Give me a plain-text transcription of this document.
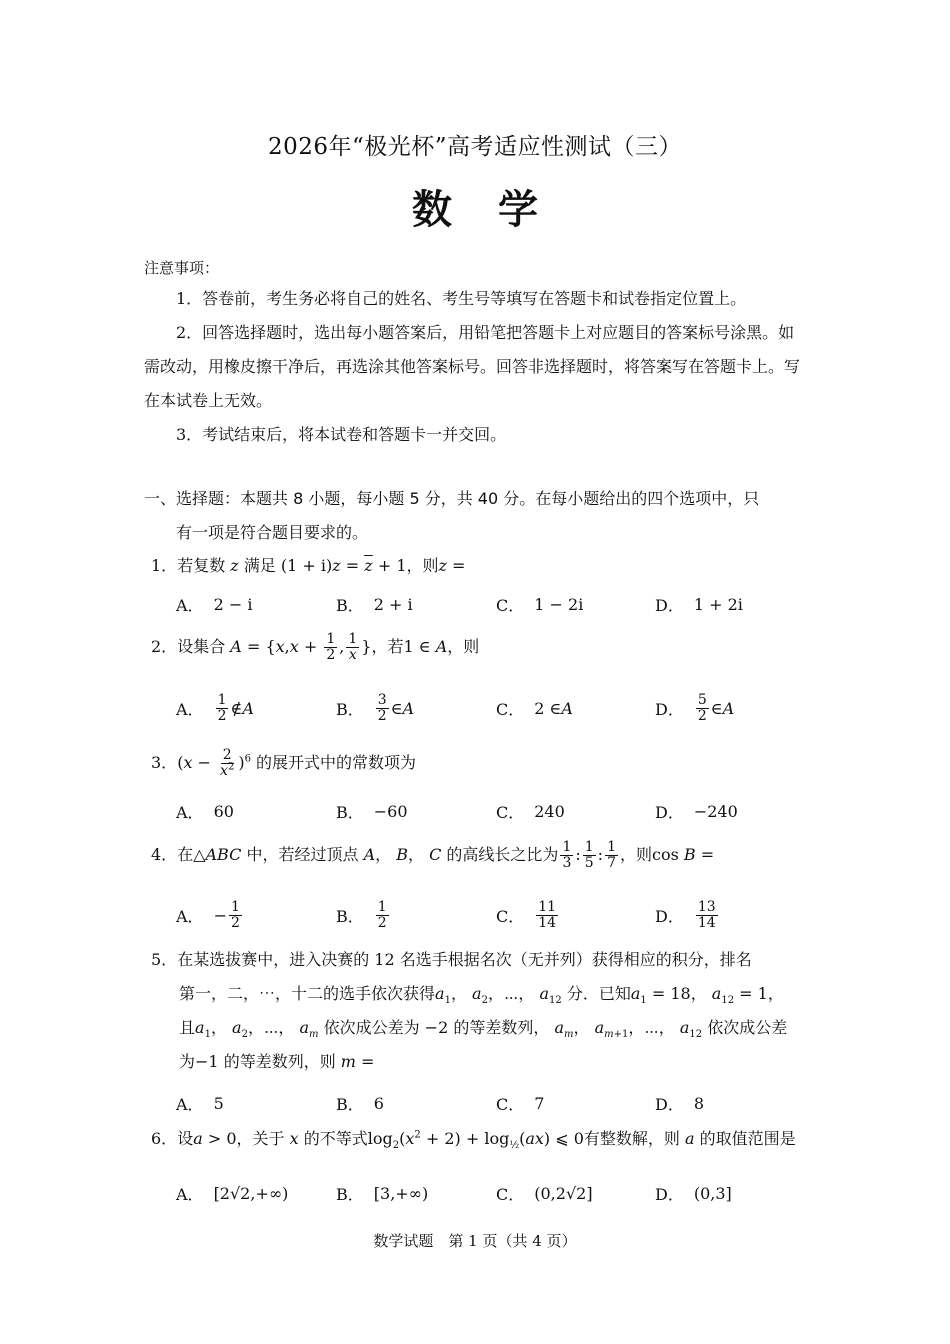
2026年“极光杯”高考适应性测试（三）
数学
注意事项：
1．答卷前，考生务必将自己的姓名、考生号等填写在答题卡和试卷指定位置上。
2．回答选择题时，选出每小题答案后，用铅笔把答题卡上对应题目的答案标号涂黑。如需改动，用橡皮擦干净后，再选涂其他答案标号。回答非选择题时，将答案写在答题卡上。写在本试卷上无效。
3．考试结束后，将本试卷和答题卡一并交回。
一、选择题：本题共 8 小题，每小题 5 分，共 40 分。在每小题给出的四个选项中，只
有一项是符合题目要求的。
1．若复数 z 满足 $(1 + i)z = \overline{z} + 1$，则z =
A． 2 − i	B． 2 + i	C． 1 − 2i	D． 1 + 2i
2．设集合 $A = \{x,x + \frac{1}{2}$ , $\frac{1}{x}$ }，若1 ∈ A，则
A． $\frac{1}{2}$ ∉ A	B． $\frac{3}{2}$ ∈ A	C． 2 ∈ A	D． $\frac{5}{2}$ ∈ A
3．$(x - \frac{2}{x^2} )^6$ 的展开式中的常数项为
A． 60	B． −60	C． 240	D． −240
4．在△ABC 中，若经过顶点 A， B， C 的高线长之比为 $\frac{1}{3}$ : $\frac{1}{5}$ : $\frac{1}{7}$ ，则cos B =
A． − $\frac{1}{2}$	B． $\frac{1}{2}$	C． $\frac{11}{14}$	D． $\frac{13}{14}$
5．在某选拔赛中，进入决赛的 12 名选手根据名次（无并列）获得相应的积分，排名
第一，二，⋯，十二的选手依次获得$a_1$， $a_2$，⋯， $a_{12}$ 分．已知$a_1 = 18$， $a_{12} = 1$，
且$a_1$， $a_2$，⋯， $a_m$ 依次成公差为 −2 的等差数列， $a_m$， $a_{m+1}$，⋯， $a_{12}$ 依次成公差
为−1 的等差数列，则 m =
A． 5	B． 6	C． 7	D． 8
6．设a > 0，关于 x 的不等式$\log_2(x^2 + 2) + \log_{\frac{1}{2}}(ax)$ ⩽ 0有整数解，则 a 的取值范围是
A． [2√2,+∞)	B． [3,+∞)	C． (0,2√2]	D． (0,3]
数学试题　第 1 页（共 4 页）
